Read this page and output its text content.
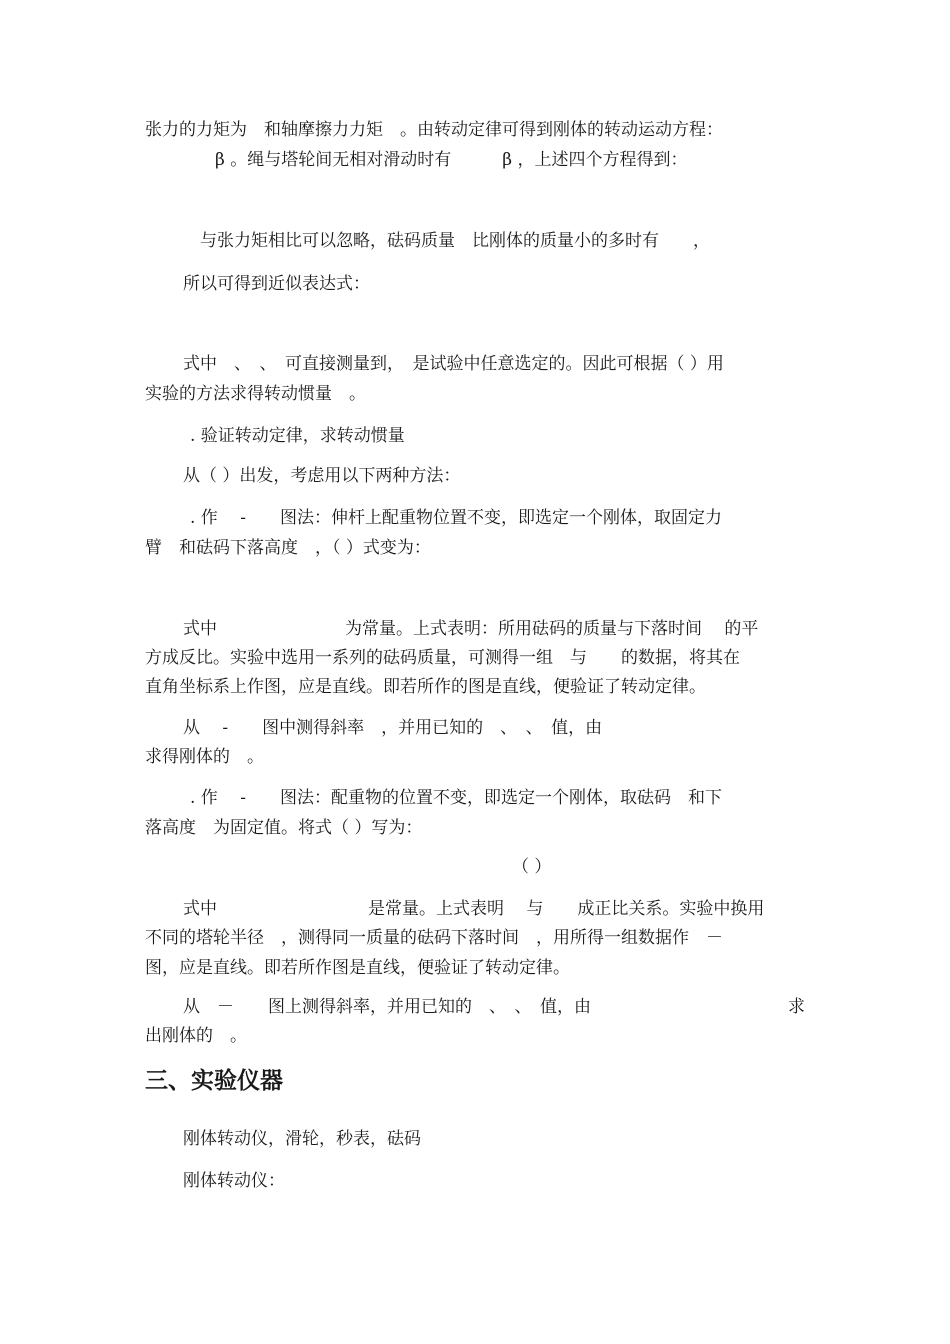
张力的力矩为　和轴摩擦力力矩　。由转动定律可得到刚体的转动运动方程：

β 。绳与塔轮间无相对滑动时有　　　β ，上述四个方程得到：

与张力矩相比可以忽略，砝码质量　比刚体的质量小的多时有　　，

所以可得到近似表达式：

式中　、　、　可直接测量到，　是试验中任意选定的。因此可根据（ ）用

实验的方法求得转动惯量　。

. 验证转动定律，求转动惯量

从（ ）出发，考虑用以下两种方法：

. 作　 -　　图法：伸杆上配重物位置不变，即选定一个刚体，取固定力

臂　和砝码下落高度　，（ ）式变为：

式中	为常量。上式表明：所用砝码的质量与下落时间　 的平

方成反比。实验中选用一系列的砝码质量，可测得一组　与　　的数据，将其在

直角坐标系上作图，应是直线。即若所作的图是直线，便验证了转动定律。

从　 -　　图中测得斜率　，并用已知的　、　、　值，由

求得刚体的　。

. 作　 -　　图法：配重物的位置不变，即选定一个刚体，取砝码　和下

落高度　为固定值。将式（ ）写为：

（ ）

式中	是常量。上式表明　 与　　成正比关系。实验中换用

不同的塔轮半径　，测得同一质量的砝码下落时间　，用所得一组数据作　－

图，应是直线。即若所作图是直线，便验证了转动定律。

从　－　　图上测得斜率，并用已知的　、　、　值，由	求

出刚体的　。

三、实验仪器

刚体转动仪，滑轮，秒表，砝码

刚体转动仪：
